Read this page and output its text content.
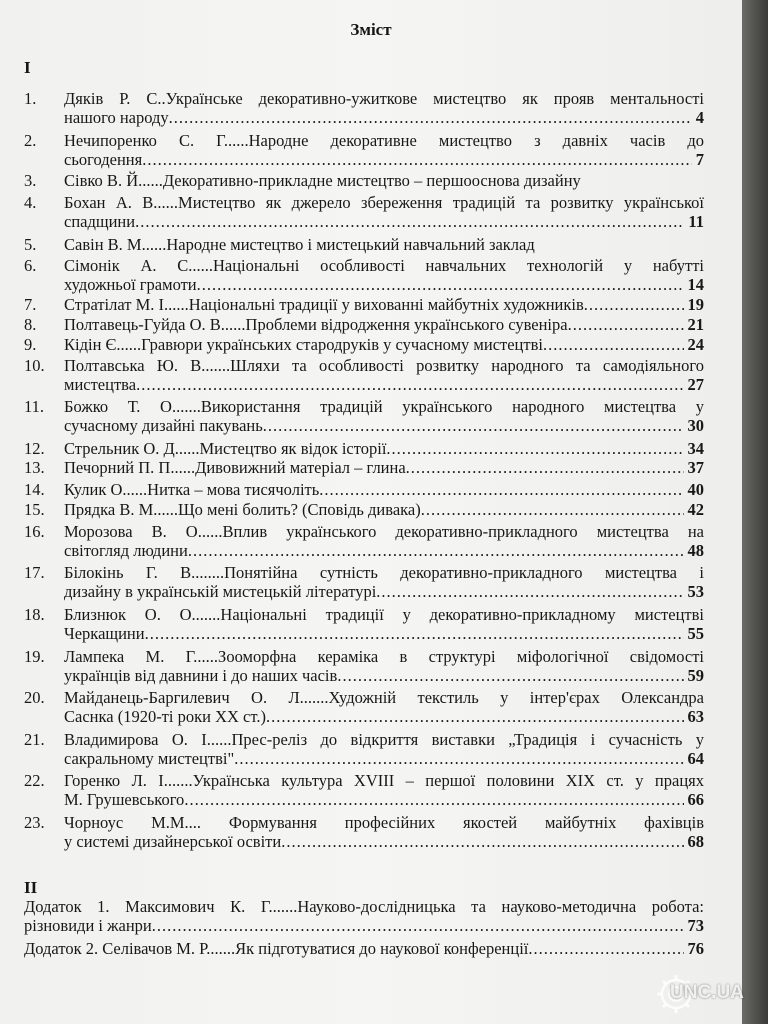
Зміст
I
1. Дяків Р. С..Українське декоративно-ужиткове мистецтво як прояв ментальності
нашого народу .....	4
2. Нечипоренко С. Г......Народне декоративне мистецтво з давніх часів до
сьогодення .....	7
3. Сівко В. Й......Декоративно-прикладне мистецтво – першооснова дизайну
4. Бохан А. В......Мистецтво як джерело збереження традицій та розвитку української
спадщини .....	11
5. Савін В. М......Народне мистецтво і мистецький навчальний заклад
6. Сімонік А. С......Національні особливості навчальних технологій у набутті
художньої грамоти .....	14
7. Стратілат М. І......Національні традиції у вихованні майбутніх художників .....	19
8. Полтавець-Гуйда О. В......Проблеми відродження українського сувеніра .....	21
9. Кідін Є......Гравюри українських стародруків у сучасному мистецтві .....	24
10. Полтавська Ю. В.......Шляхи та особливості розвитку народного та самодіяльного
мистецтва .....	27
11. Божко Т. О.......Використання традицій українського народного мистецтва у
сучасному дизайні пакувань .....	30
12. Стрельник О. Д......Мистецтво як відок історії .....	34
13. Печорний П. П......Дивовижний матеріал – глина .....	37
14. Кулик О......Нитка – мова тисячоліть .....	40
15. Прядка В. М......Що мені болить? (Сповідь дивака) .....	42
16. Морозова В. О......Вплив українського декоративно-прикладного мистецтва на
світогляд людини .....	48
17. Білокінь Г. В........Понятійна сутність декоративно-прикладного мистецтва і
дизайну в українській мистецькій літературі .....	53
18. Близнюк О. О.......Національні традиції у декоративно-прикладному мистецтві
Черкащини .....	55
19. Лампека М. Г......Зооморфна кераміка в структурі міфологічної свідомості
українців від давнини і до наших часів .....	59
20. Майданець-Баргилевич О. Л.......Художній текстиль у інтер'єрах Олександра
Саснка (1920-ті роки ХХ ст.) .....	63
21. Владимирова О. І......Прес-реліз до відкриття виставки „Традиція і сучасність у
сакральному мистецтві" .....	64
22. Горенко Л. І.......Українська культура XVIII – першої половини XIX ст. у працях
М. Грушевського .....	66
23. Чорноус М.М.... Формування професійних якостей майбутніх фахівців
у системі дизайнерської освіти .....	68
II
Додаток 1. Максимович К. Г.......Науково-дослідницька та науково-методична робота:
різновиди і жанри .....	73
Додаток 2. Селівачов М. Р.......Як підготуватися до наукової конференції .....	76
UNC.UA
